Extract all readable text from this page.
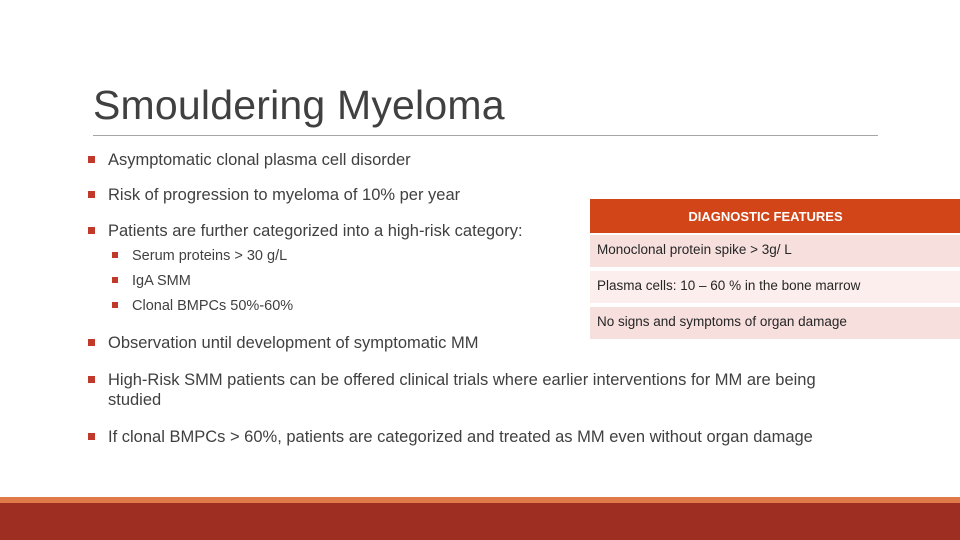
Smouldering Myeloma
Asymptomatic clonal plasma cell disorder
Risk of progression to myeloma of 10% per year
Patients are further categorized into a high-risk category:
Serum proteins > 30 g/L
IgA SMM
Clonal BMPCs 50%-60%
Observation until development of symptomatic MM
High-Risk SMM patients can be offered clinical trials where earlier interventions for MM are being
studied
If clonal BMPCs > 60%, patients are categorized and treated as MM even without organ damage
DIAGNOSTIC FEATURES
Monoclonal protein spike > 3g/ L
Plasma cells: 10 – 60 % in the bone marrow
No signs and symptoms of organ damage
